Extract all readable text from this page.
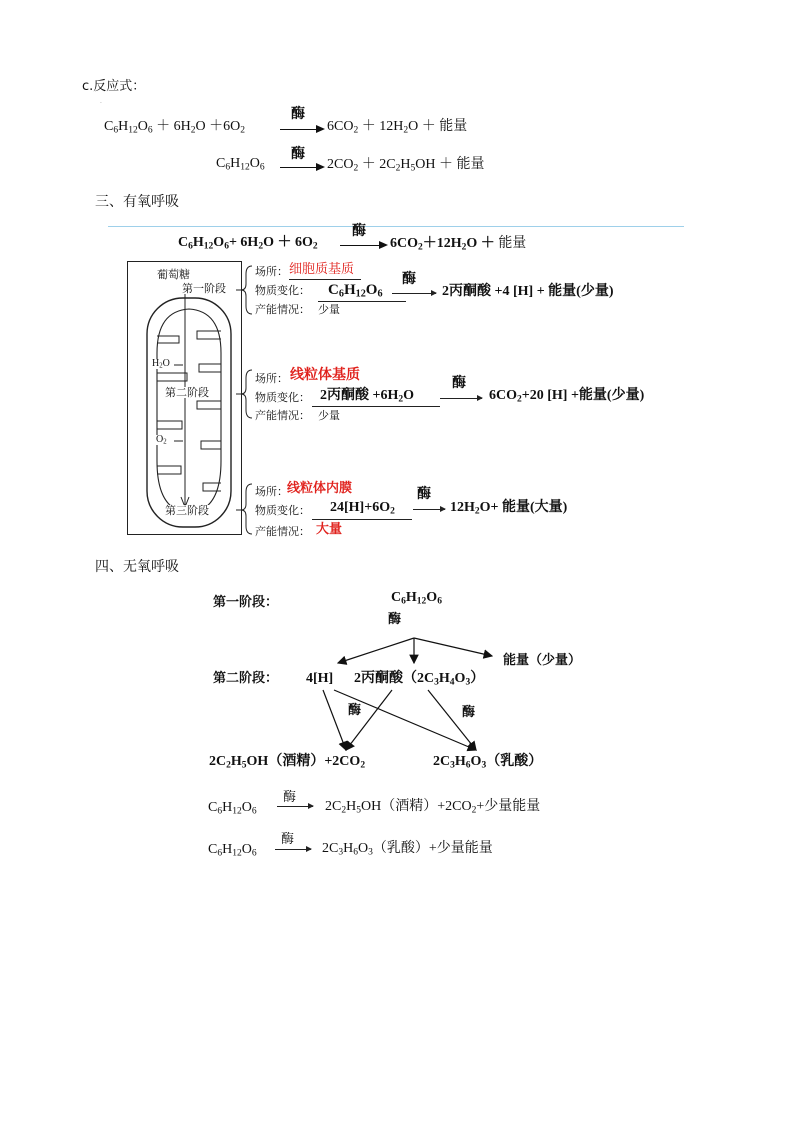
c.反应式：
·
$C_6H_{12}O_6 + 6H_2O +6O_2$
酶
$6CO_2 + 12H_2O$ ＋ 能量
$C_6H_{12}O_6$
酶
$2CO_2 + 2C_2H_5OH$ ＋ 能量
三、有氧呼吸
$C_6H_{12}O_6+ 6H_2O + 6O_2$
酶
$6CO_2+12H_2O$ ＋ 能量
葡萄糖
$H_2O$
$O_2$
第一阶段
第二阶段
第三阶段
场所： 细胞质基质
物质变化： $C_6H_{12}O_6$
酶
2丙酮酸 +4 [H] + 能量(少量)
产能情况： 少量
场所： 线粒体基质
物质变化： 2丙酮酸 $+6H_2O$
酶
$6CO_2+20$ [H] +能量(少量)
产能情况： 少量
场所： 线粒体内膜
物质变化： $24[H]+6O_2$
酶
$12H_2O+$ 能量(大量)
产能情况： 大量
四、无氧呼吸
第一阶段：	$C_6H_{12}O_6$
酶
能量（少量）
第二阶段： 4[H] 2丙酮酸$(2C_3H_4O_3)$
酶	酶
$2C_2H_5OH$（酒精）$+2CO_2$	$2C_3H_6O_3$（乳酸）
$C_6H_{12}O_6$
酶
$2C_2H_5OH$（酒精）$+2CO_2+$少量能量
$C_6H_{12}O_6$
酶
$2C_3H_6O_3$（乳酸）+少量能量
